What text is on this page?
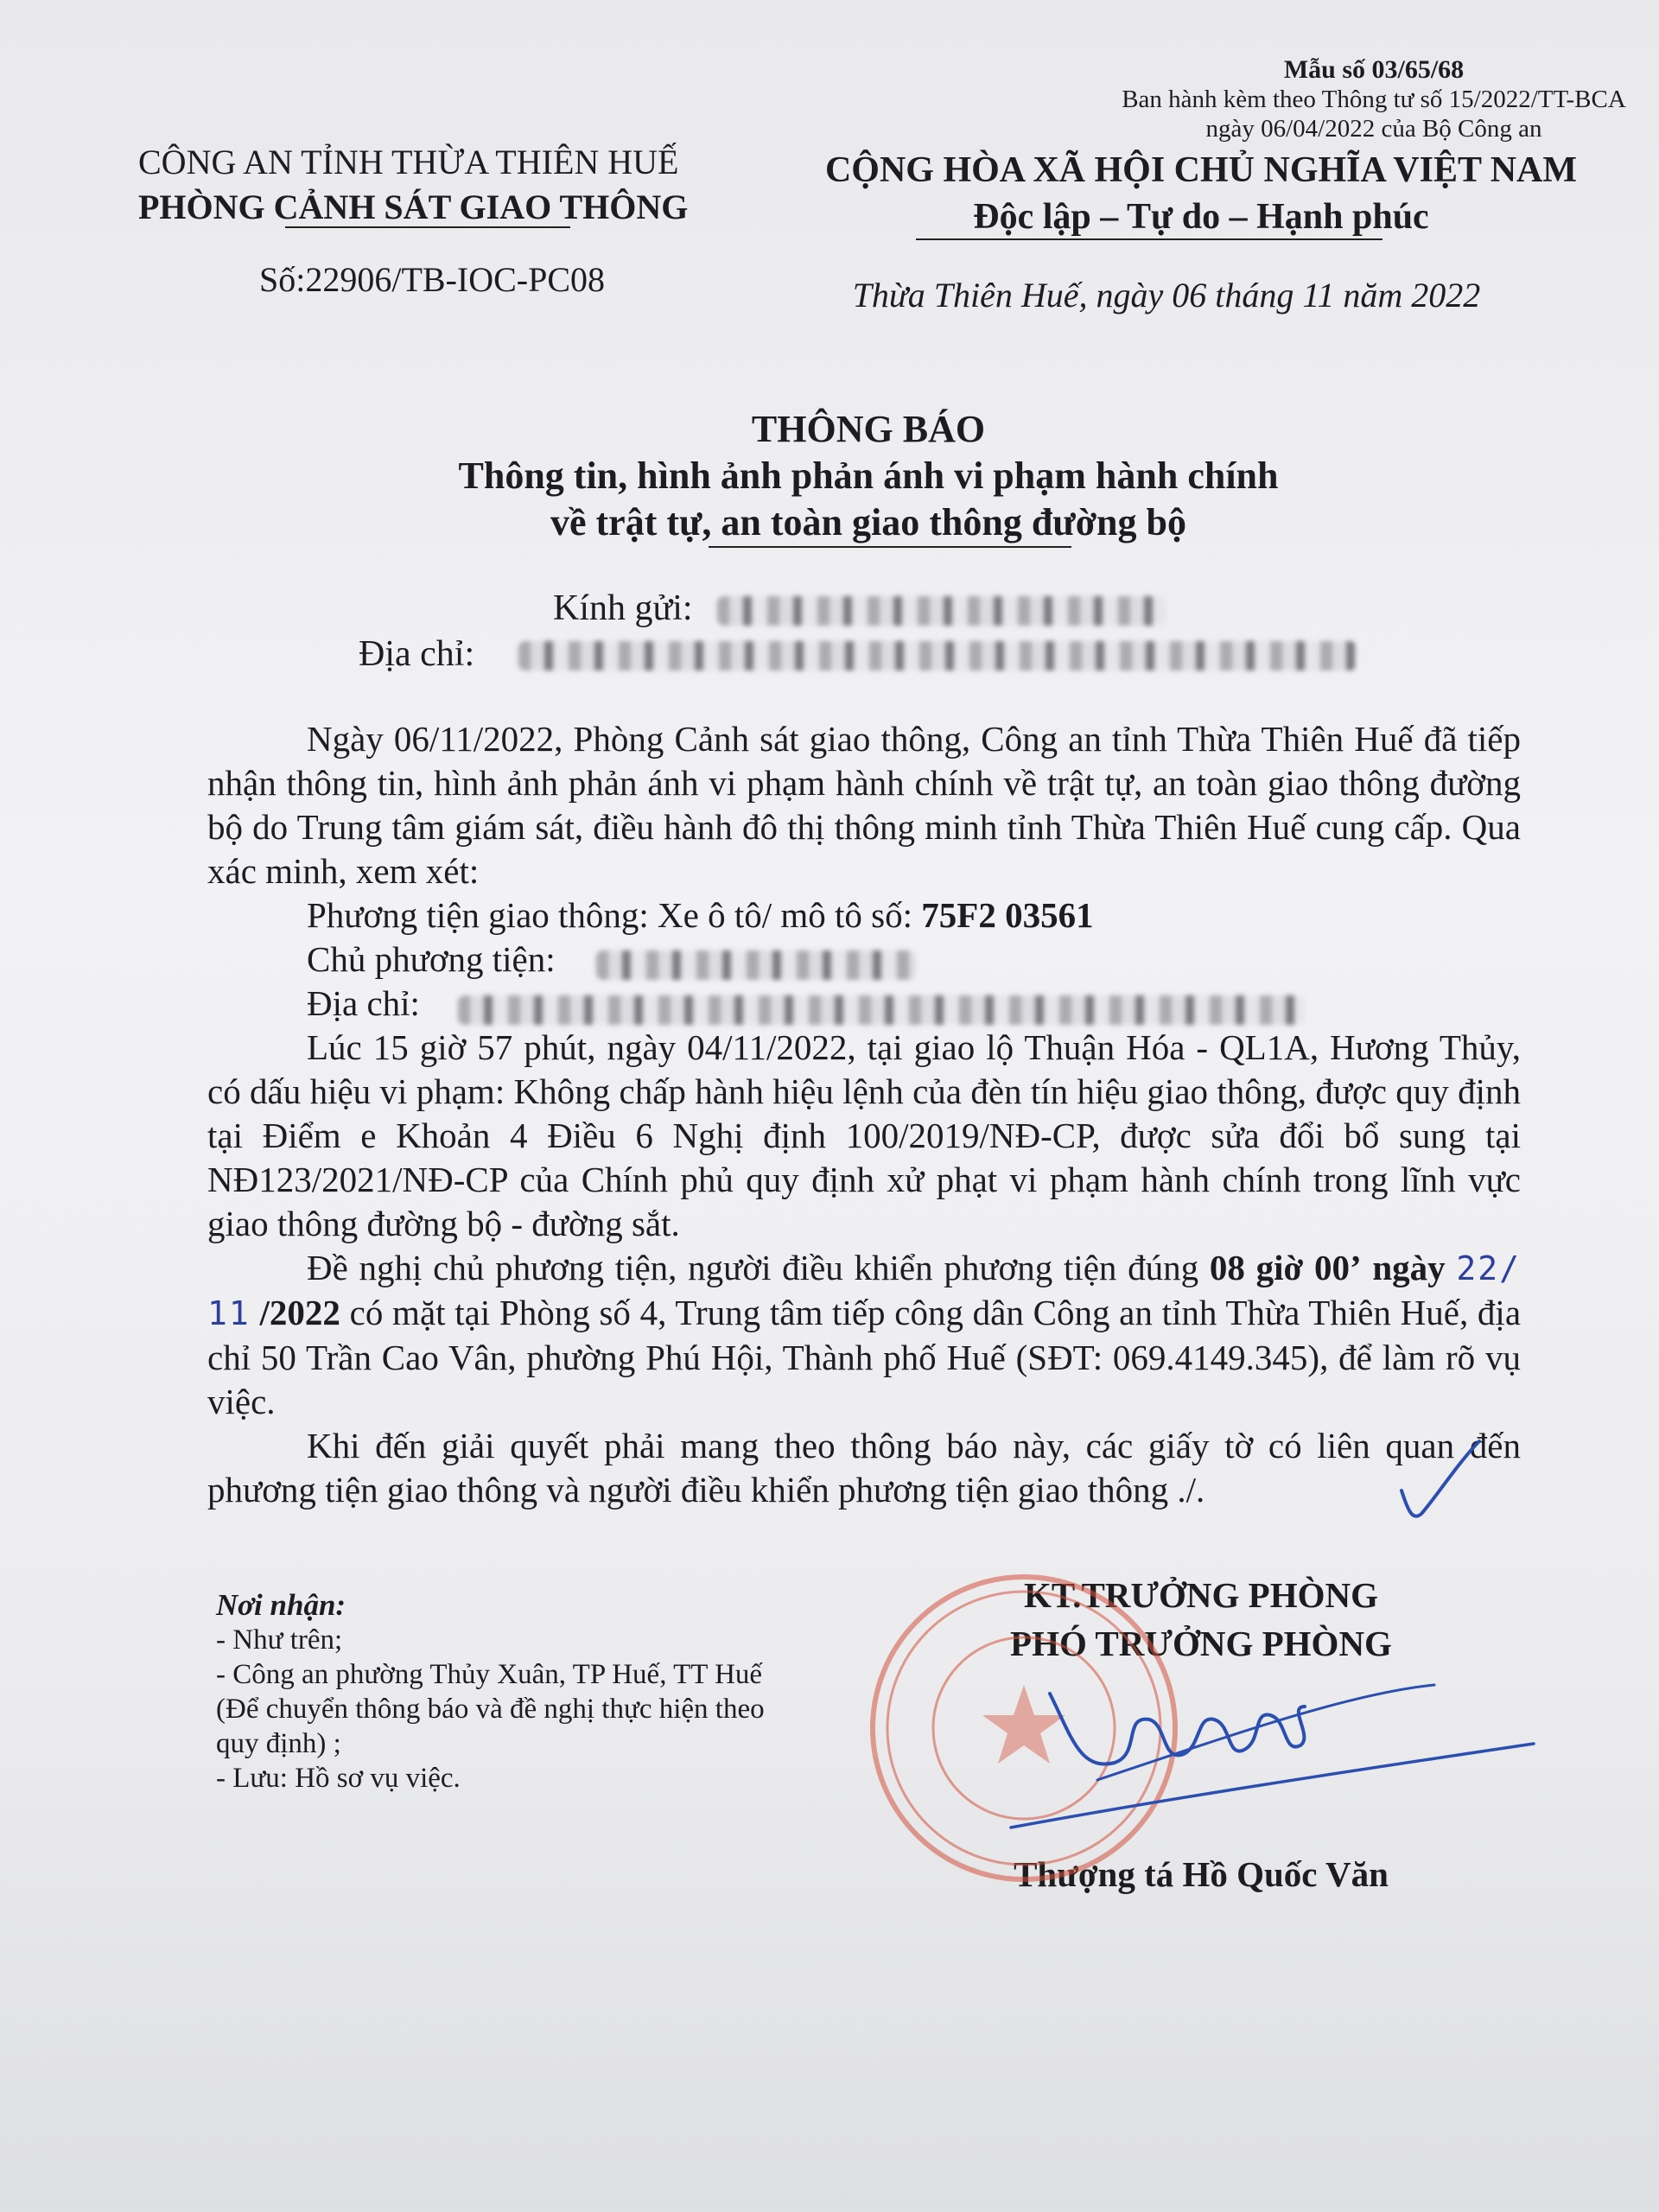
Mẫu số 03/65/68
Ban hành kèm theo Thông tư số 15/2022/TT-BCA
ngày 06/04/2022 của Bộ Công an
CÔNG AN TỈNH THỪA THIÊN HUẾ
PHÒNG CẢNH SÁT GIAO THÔNG
CỘNG HÒA XÃ HỘI CHỦ NGHĨA VIỆT NAM
Độc lập – Tự do – Hạnh phúc
Số:22906/TB-IOC-PC08	Thừa Thiên Huế, ngày 06 tháng 11 năm 2022
THÔNG BÁO
Thông tin, hình ảnh phản ánh vi phạm hành chính
về trật tự, an toàn giao thông đường bộ
Kính gửi:
Địa chỉ:

Ngày 06/11/2022, Phòng Cảnh sát giao thông, Công an tỉnh Thừa Thiên Huế đã tiếp nhận thông tin, hình ảnh phản ánh vi phạm hành chính về trật tự, an toàn giao thông đường bộ do Trung tâm giám sát, điều hành đô thị thông minh tỉnh Thừa Thiên Huế cung cấp. Qua xác minh, xem xét:

Phương tiện giao thông: Xe ô tô/ mô tô số: 75F2 03561

Chủ phương tiện:

Địa chỉ:

Lúc 15 giờ 57 phút, ngày 04/11/2022, tại giao lộ Thuận Hóa - QL1A, Hương Thủy, có dấu hiệu vi phạm: Không chấp hành hiệu lệnh của đèn tín hiệu giao thông, được quy định tại Điểm e Khoản 4 Điều 6 Nghị định 100/2019/NĐ-CP, được sửa đổi bổ sung tại NĐ123/2021/NĐ-CP của Chính phủ quy định xử phạt vi phạm hành chính trong lĩnh vực giao thông đường bộ - đường sắt.

Đề nghị chủ phương tiện, người điều khiển phương tiện đúng 08 giờ 00’ ngày 22/ 11 /2022 có mặt tại Phòng số 4, Trung tâm tiếp công dân Công an tỉnh Thừa Thiên Huế, địa chỉ 50 Trần Cao Vân, phường Phú Hội, Thành phố Huế (SĐT: 069.4149.345), để làm rõ vụ việc.

Khi đến giải quyết phải mang theo thông báo này, các giấy tờ có liên quan đến phương tiện giao thông và người điều khiển phương tiện giao thông ./.

Nơi nhận:
- Như trên;
- Công an phường Thủy Xuân, TP Huế, TT Huế
(Để chuyển thông báo và đề nghị thực hiện theo
quy định) ;
- Lưu: Hồ sơ vụ việc.
KT.TRƯỞNG PHÒNG
PHÓ TRƯỞNG PHÒNG
Thượng tá Hồ Quốc Văn
